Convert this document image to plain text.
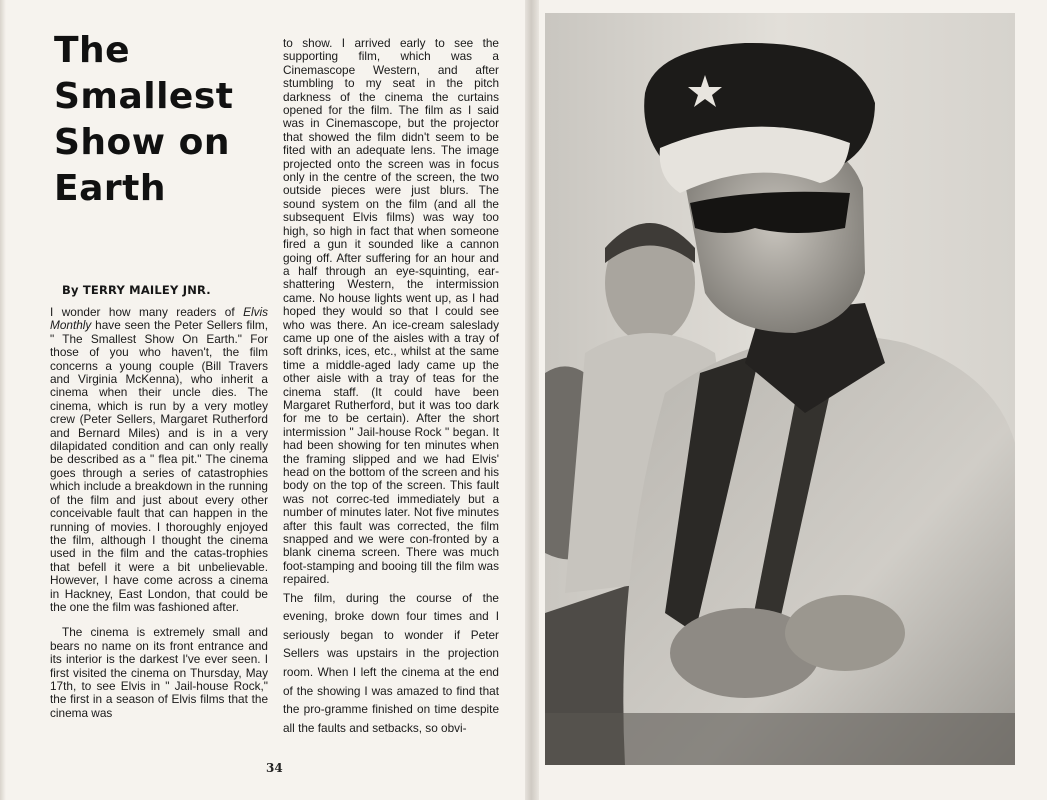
The Smallest Show on Earth
By TERRY MAILEY JNR.

I wonder how many readers of Elvis Monthly have seen the Peter Sellers film, " The Smallest Show On Earth." For those of you who haven't, the film concerns a young couple (Bill Travers and Virginia McKenna), who inherit a cinema when their uncle dies. The cinema, which is run by a very motley crew (Peter Sellers, Margaret Rutherford and Bernard Miles) and is in a very dilapidated condition and can only really be described as a " flea pit." The cinema goes through a series of catastrophies which include a breakdown in the running of the film and just about every other conceivable fault that can happen in the running of movies. I thoroughly enjoyed the film, although I thought the cinema used in the film and the catas-trophies that befell it were a bit unbelievable. However, I have come across a cinema in Hackney, East London, that could be the one the film was fashioned after.

The cinema is extremely small and bears no name on its front entrance and its interior is the darkest I've ever seen. I first visited the cinema on Thursday, May 17th, to see Elvis in " Jail-house Rock," the first in a season of Elvis films that the cinema was

to show. I arrived early to see the supporting film, which was a Cinemascope Western, and after stumbling to my seat in the pitch darkness of the cinema the curtains opened for the film. The film as I said was in Cinemascope, but the projector that showed the film didn't seem to be fited with an adequate lens. The image projected onto the screen was in focus only in the centre of the screen, the two outside pieces were just blurs. The sound system on the film (and all the subsequent Elvis films) was way too high, so high in fact that when someone fired a gun it sounded like a cannon going off. After suffering for an hour and a half through an eye-squinting, ear-shattering Western, the intermission came. No house lights went up, as I had hoped they would so that I could see who was there. An ice-cream saleslady came up one of the aisles with a tray of soft drinks, ices, etc., whilst at the same time a middle-aged lady came up the other aisle with a tray of teas for the cinema staff. (It could have been Margaret Rutherford, but it was too dark for me to be certain). After the short intermission " Jail-house Rock " began. It had been showing for ten minutes when the framing slipped and we had Elvis' head on the bottom of the screen and his body on the top of the screen. This fault was not correc-ted immediately but a number of minutes later. Not five minutes after this fault was corrected, the film snapped and we were con-fronted by a blank cinema screen. There was much foot-stamping and booing till the film was repaired.

The film, during the course of the evening, broke down four times and I seriously began to wonder if Peter Sellers was upstairs in the projection room. When I left the cinema at the end of the showing I was amazed to find that the pro-gramme finished on time despite all the faults and setbacks, so obvi-

34
